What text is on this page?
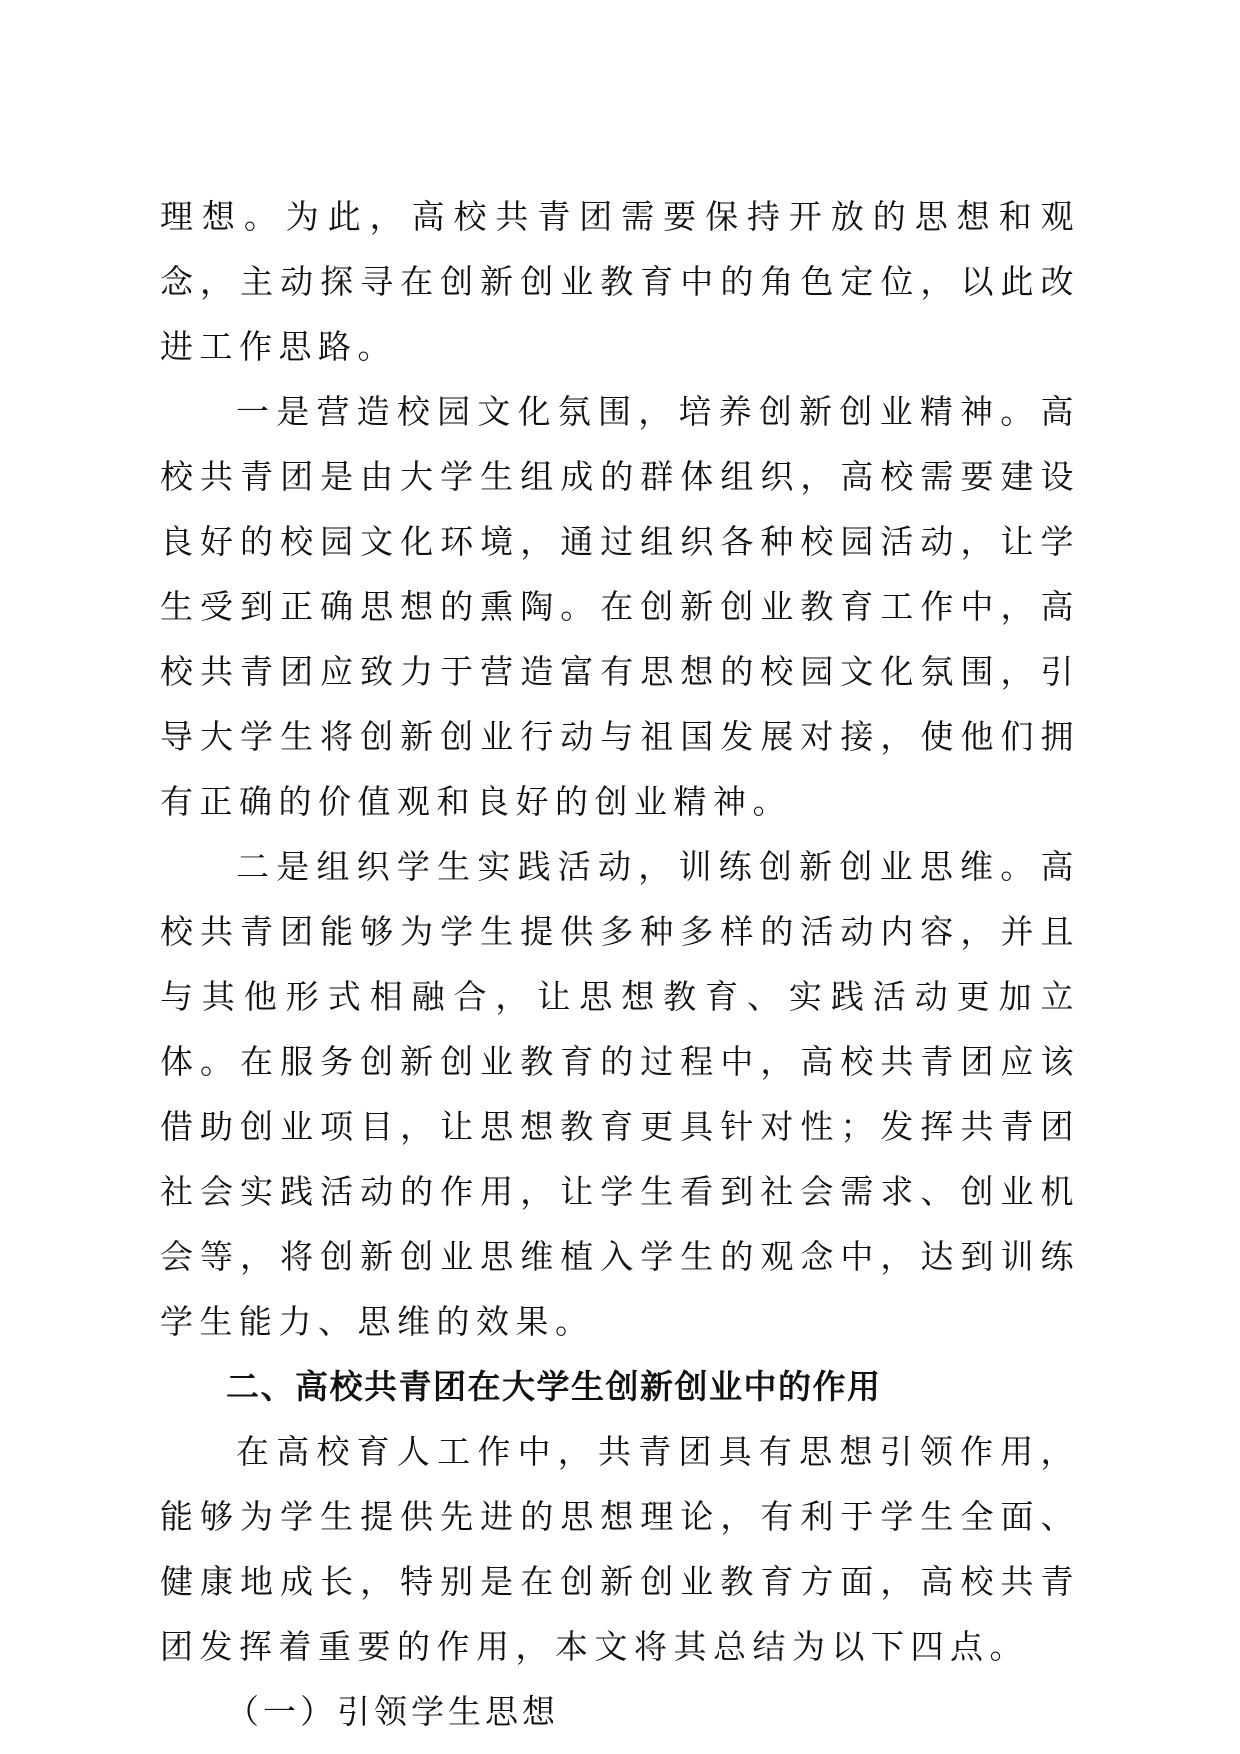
理想。为此，高校共青团需要保持开放的思想和观念，主动探寻在创新创业教育中的角色定位，以此改进工作思路。

一是营造校园文化氛围，培养创新创业精神。高校共青团是由大学生组成的群体组织，高校需要建设良好的校园文化环境，通过组织各种校园活动，让学生受到正确思想的熏陶。在创新创业教育工作中，高校共青团应致力于营造富有思想的校园文化氛围，引导大学生将创新创业行动与祖国发展对接，使他们拥有正确的价值观和良好的创业精神。

二是组织学生实践活动，训练创新创业思维。高校共青团能够为学生提供多种多样的活动内容，并且与其他形式相融合，让思想教育、实践活动更加立体。在服务创新创业教育的过程中，高校共青团应该借助创业项目，让思想教育更具针对性；发挥共青团社会实践活动的作用，让学生看到社会需求、创业机会等，将创新创业思维植入学生的观念中，达到训练学生能力、思维的效果。

二、高校共青团在大学生创新创业中的作用

在高校育人工作中，共青团具有思想引领作用，能够为学生提供先进的思想理论，有利于学生全面、健康地成长，特别是在创新创业教育方面，高校共青团发挥着重要的作用，本文将其总结为以下四点。

（一）引领学生思想
